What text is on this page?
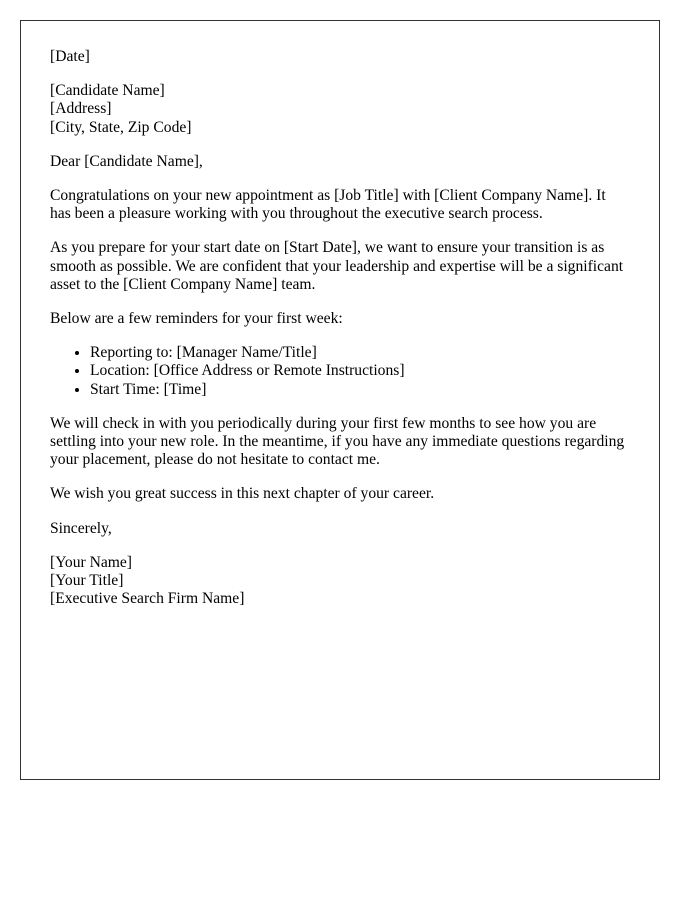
[Date]
[Candidate Name]
[Address]
[City, State, Zip Code]

Dear [Candidate Name],

Congratulations on your new appointment as [Job Title] with [Client Company Name]. It has been a pleasure working with you throughout the executive search process.

As you prepare for your start date on [Start Date], we want to ensure your transition is as smooth as possible. We are confident that your leadership and expertise will be a significant asset to the [Client Company Name] team.

Below are a few reminders for your first week:

• Reporting to: [Manager Name/Title]
• Location: [Office Address or Remote Instructions]
• Start Time: [Time]

We will check in with you periodically during your first few months to see how you are settling into your new role. In the meantime, if you have any immediate questions regarding your placement, please do not hesitate to contact me.

We wish you great success in this next chapter of your career.

Sincerely,

[Your Name]
[Your Title]
[Executive Search Firm Name]
